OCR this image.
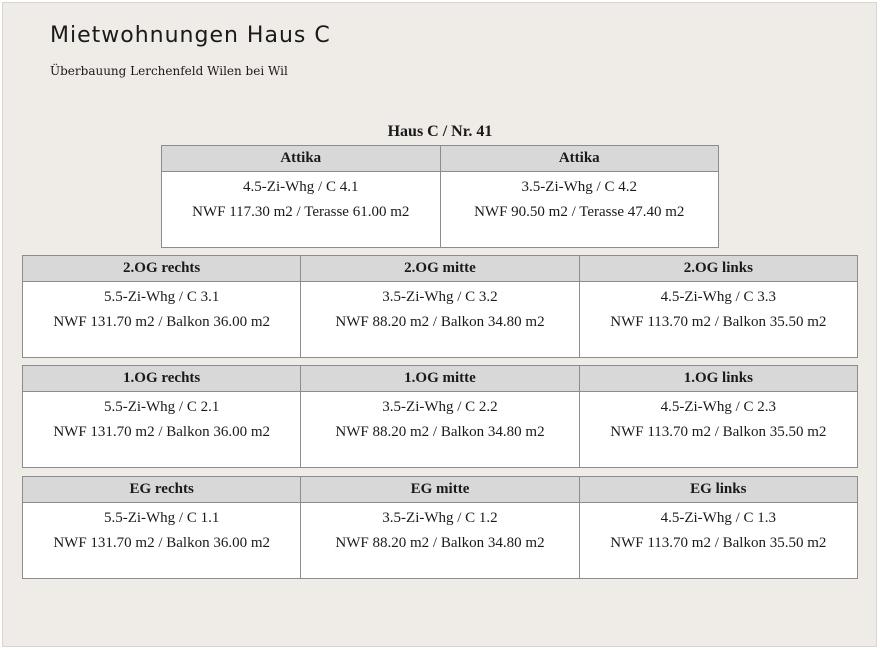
Mietwohnungen Haus C
Überbauung Lerchenfeld Wilen bei Wil
Haus C / Nr. 41
Attika
4.5-Zi-Whg / C 4.1
NWF 117.30 m2 / Terasse 61.00 m2
Attika
3.5-Zi-Whg / C 4.2
NWF 90.50 m2 / Terasse 47.40 m2
2.OG rechts
5.5-Zi-Whg / C 3.1
NWF 131.70 m2 / Balkon 36.00 m2
2.OG mitte
3.5-Zi-Whg / C 3.2
NWF 88.20 m2 / Balkon 34.80 m2
2.OG links
4.5-Zi-Whg / C 3.3
NWF 113.70 m2 / Balkon 35.50 m2
1.OG rechts
5.5-Zi-Whg / C 2.1
NWF 131.70 m2 / Balkon 36.00 m2
1.OG mitte
3.5-Zi-Whg / C 2.2
NWF 88.20 m2 / Balkon 34.80 m2
1.OG links
4.5-Zi-Whg / C 2.3
NWF 113.70 m2 / Balkon 35.50 m2
EG rechts
5.5-Zi-Whg / C 1.1
NWF 131.70 m2 / Balkon 36.00 m2
EG mitte
3.5-Zi-Whg / C 1.2
NWF 88.20 m2 / Balkon 34.80 m2
EG links
4.5-Zi-Whg / C 1.3
NWF 113.70 m2 / Balkon 35.50 m2
